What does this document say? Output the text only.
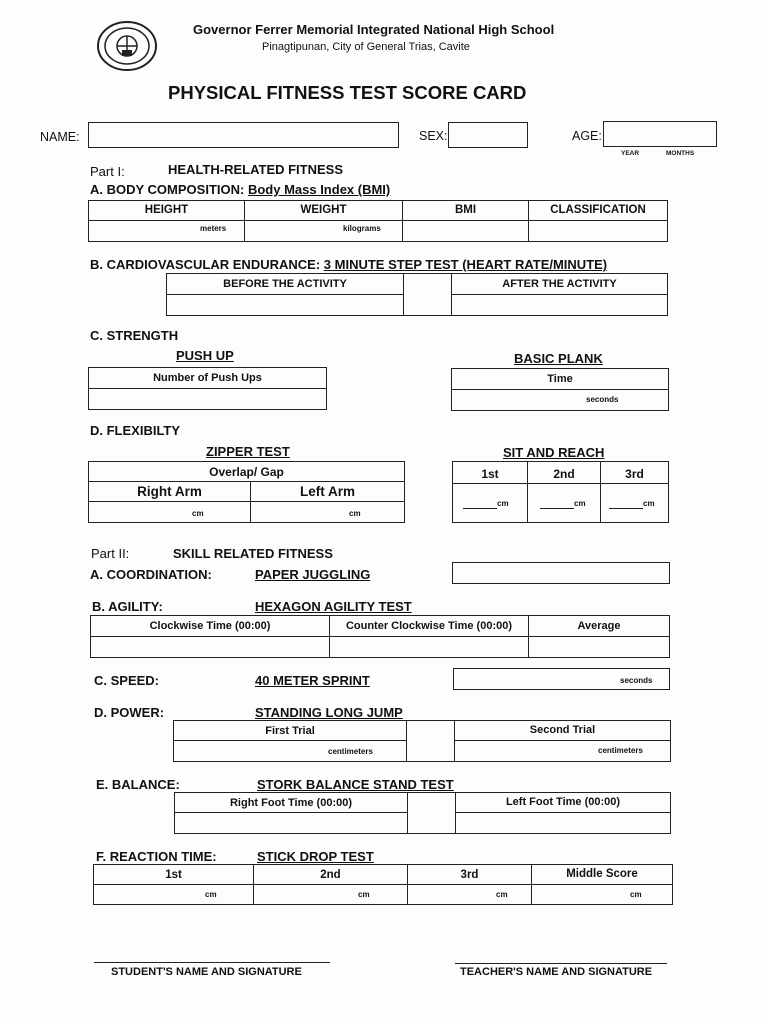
Governor Ferrer Memorial Integrated National High School
Pinagtipunan, City of General Trias, Cavite
PHYSICAL FITNESS TEST SCORE CARD
NAME:	SEX:	AGE:
YEAR	MONTHS
Part I:	HEALTH-RELATED FITNESS
A. BODY COMPOSITION: Body Mass Index (BMI)
HEIGHT	WEIGHT	BMI	CLASSIFICATION
meters	kilograms
B. CARDIOVASCULAR ENDURANCE: 3 MINUTE STEP TEST (HEART RATE/MINUTE)
BEFORE THE ACTIVITY	AFTER THE ACTIVITY
C. STRENGTH
PUSH UP
Number of Push Ups
BASIC PLANK
Time
seconds
D. FLEXIBILTY
ZIPPER TEST
Overlap/ Gap
Right Arm	Left Arm
cm	cm
SIT AND REACH
1st	2nd	3rd
cm	cm	cm
Part II:	SKILL RELATED FITNESS
A. COORDINATION:	PAPER JUGGLING
B. AGILITY:	HEXAGON AGILITY TEST
Clockwise Time (00:00)	Counter Clockwise Time (00:00)	Average
C. SPEED:	40 METER SPRINT	seconds
D. POWER:	STANDING LONG JUMP
First Trial	Second Trial
centimeters	centimeters
E. BALANCE:	STORK BALANCE STAND TEST
Right Foot Time (00:00)	Left Foot Time (00:00)
F. REACTION TIME:	STICK DROP TEST
1st	2nd	3rd	Middle Score
cm	cm	cm	cm
STUDENT'S NAME AND SIGNATURE	TEACHER'S NAME AND SIGNATURE
